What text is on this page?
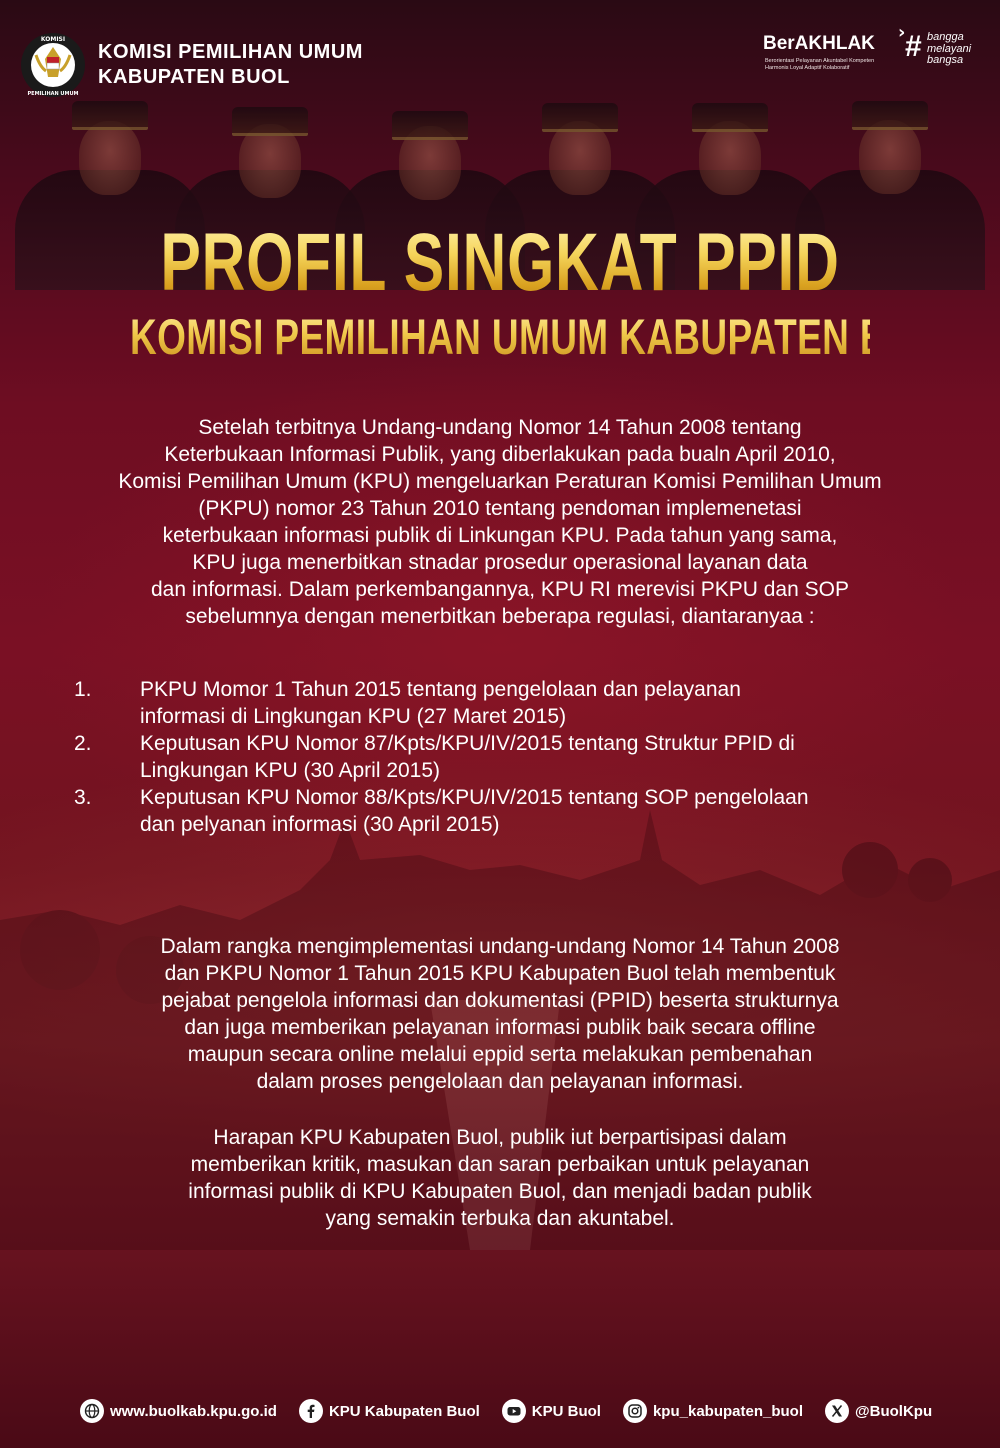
KOMISI
PEMILIHAN UMUM
KOMISI PEMILIHAN UMUM
KABUPATEN BUOL
BerAKHLAK
›
Berorientasi Pelayanan Akuntabel Kompeten
Harmonis Loyal Adaptif Kolaboratif
# bangga
melayani
bangsa
PROFIL SINGKAT PPID
KOMISI PEMILIHAN UMUM KABUPATEN BUOL
Setelah terbitnya Undang-undang Nomor 14 Tahun 2008 tentang
Keterbukaan Informasi Publik, yang diberlakukan pada bualn April 2010,
Komisi Pemilihan Umum (KPU) mengeluarkan Peraturan Komisi Pemilihan Umum
(PKPU) nomor 23 Tahun 2010 tentang pendoman implemenetasi
keterbukaan informasi publik di Linkungan KPU. Pada tahun yang sama,
KPU juga menerbitkan stnadar prosedur operasional layanan data
dan informasi. Dalam perkembangannya, KPU RI merevisi PKPU dan SOP
sebelumnya dengan menerbitkan beberapa regulasi, diantaranyaa :
1. PKPU Momor 1 Tahun 2015 tentang pengelolaan dan pelayanan
informasi di Lingkungan KPU (27 Maret 2015)
2. Keputusan KPU Nomor 87/Kpts/KPU/IV/2015 tentang Struktur PPID di
Lingkungan KPU (30 April 2015)
3. Keputusan KPU Nomor 88/Kpts/KPU/IV/2015 tentang SOP pengelolaan
dan pelyanan informasi (30 April 2015)
Dalam rangka mengimplementasi undang-undang Nomor 14 Tahun 2008
dan PKPU Nomor 1 Tahun 2015 KPU Kabupaten Buol telah membentuk
pejabat pengelola informasi dan dokumentasi (PPID) beserta strukturnya
dan juga memberikan pelayanan informasi publik baik secara offline
maupun secara online melalui eppid serta melakukan pembenahan
dalam proses pengelolaan dan pelayanan informasi.
Harapan KPU Kabupaten Buol, publik iut berpartisipasi dalam
memberikan kritik, masukan dan saran perbaikan untuk pelayanan
informasi publik di KPU Kabupaten Buol, dan menjadi badan publik
yang semakin terbuka dan akuntabel.
www.buolkab.kpu.go.id	KPU Kabupaten Buol	KPU Buol	kpu_kabupaten_buol	@BuolKpu
